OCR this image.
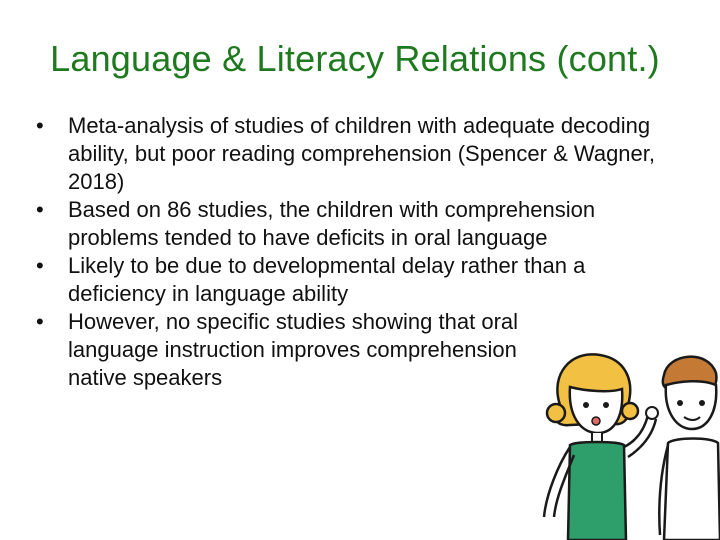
Language & Literacy Relations (cont.)
• Meta-analysis of studies of children with adequate decoding ability, but poor reading comprehension (Spencer & Wagner, 2018)
• Based on 86 studies, the children with comprehension problems tended to have deficits in oral language
• Likely to be due to developmental delay rather than a deficiency in language ability
• However, no specific studies showing that oral language instruction improves comprehension native speakers
